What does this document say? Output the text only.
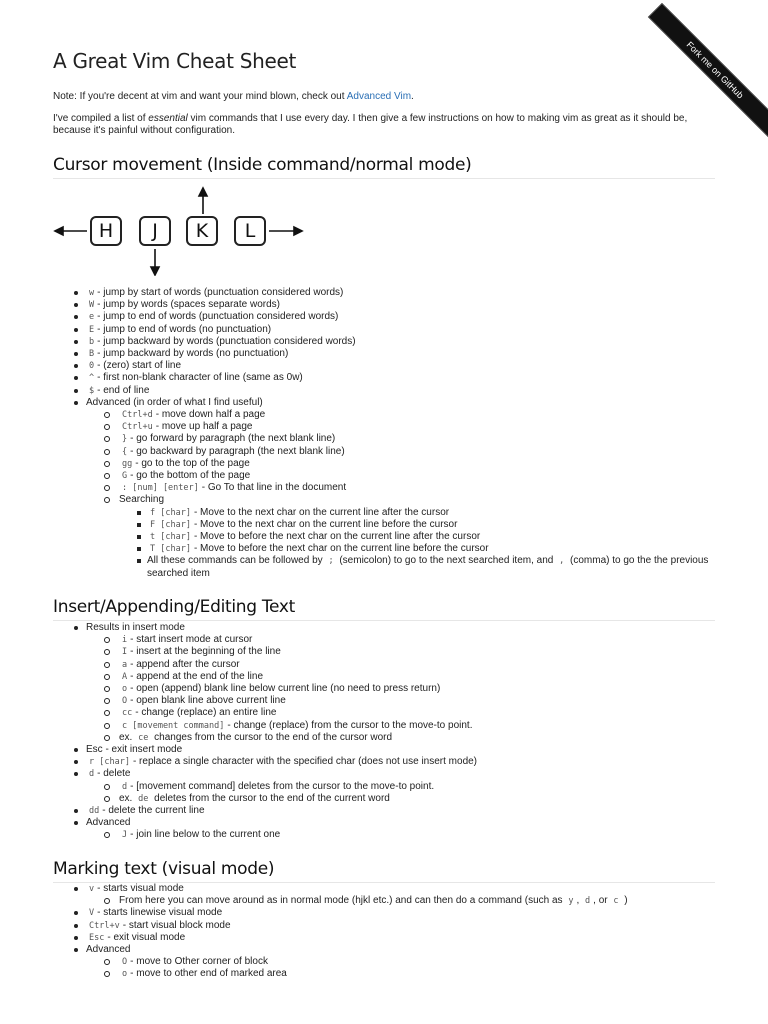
Fork me on GitHub
A Great Vim Cheat Sheet

Note: If you're decent at vim and want your mind blown, check out Advanced Vim.

I've compiled a list of essential vim commands that I use every day. I then give a few instructions on how to making vim as great as it should be, because it's painful without configuration.

Cursor movement (Inside command/normal mode)
H	J	K	L
w - jump by start of words (punctuation considered words)
W - jump by words (spaces separate words)
e - jump to end of words (punctuation considered words)
E - jump to end of words (no punctuation)
b - jump backward by words (punctuation considered words)
B - jump backward by words (no punctuation)
0 - (zero) start of line
^ - first non-blank character of line (same as 0w)
$ - end of line
Advanced (in order of what I find useful)
Ctrl+d - move down half a page
Ctrl+u - move up half a page
} - go forward by paragraph (the next blank line)
{ - go backward by paragraph (the next blank line)
gg - go to the top of the page
G - go the bottom of the page
: [num] [enter] - Go To that line in the document
Searching
f [char] - Move to the next char on the current line after the cursor
F [char] - Move to the next char on the current line before the cursor
t [char] - Move to before the next char on the current line after the cursor
T [char] - Move to before the next char on the current line before the cursor
All these commands can be followed by ; (semicolon) to go to the next searched item, and , (comma) to go the the previous searched item
Insert/Appending/Editing Text
Results in insert mode
i - start insert mode at cursor
I - insert at the beginning of the line
a - append after the cursor
A - append at the end of the line
o - open (append) blank line below current line (no need to press return)
O - open blank line above current line
cc - change (replace) an entire line
c [movement command] - change (replace) from the cursor to the move-to point.
ex. ce changes from the cursor to the end of the cursor word
Esc - exit insert mode
r [char] - replace a single character with the specified char (does not use insert mode)
d - delete
d - [movement command] deletes from the cursor to the move-to point.
ex. de deletes from the cursor to the end of the current word
dd - delete the current line
Advanced
J - join line below to the current one
Marking text (visual mode)
v - starts visual mode
From here you can move around as in normal mode (hjkl etc.) and can then do a command (such as y , d , or c )
V - starts linewise visual mode
Ctrl+v - start visual block mode
Esc - exit visual mode
Advanced
O - move to Other corner of block
o - move to other end of marked area
